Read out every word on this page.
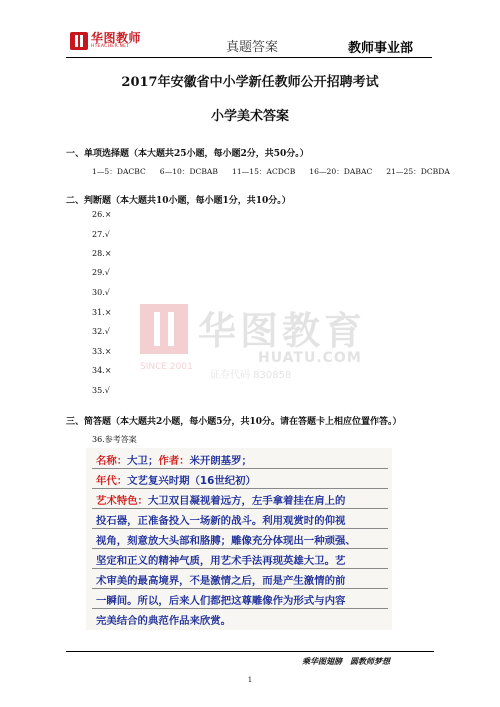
华图教师
HTEACHER.NET	真题答案	教师事业部
2017年安徽省中小学新任教师公开招聘考试
小学美术答案
华图教育
HUATU.COM
SINCE 2001
证券代码 830858
一、单项选择题（本大题共25小题，每小题2分，共50分。）
1—5：DACBC 6—10：DCBAB 11—15：ACDCB 16—20：DABAC 21—25：DCBDA
二、判断题（本大题共10小题，每小题1分，共10分。）
26.×
27.√
28.×
29.√
30.√
31.×
32.√
33.×
34.×
35.√
三、简答题（本大题共2小题，每小题5分，共10分。请在答题卡上相应位置作答。）
36.参考答案
名称：大卫；作者：米开朗基罗；
年代：文艺复兴时期（16世纪初）
艺术特色：大卫双目凝视着远方，左手拿着挂在肩上的
投石器，正准备投入一场新的战斗。利用观赏时的仰视
视角，刻意放大头部和胳膊；雕像充分体现出一种顽强、
坚定和正义的精神气质，用艺术手法再现英雄大卫。艺
术审美的最高境界，不是激情之后，而是产生激情的前
一瞬间。所以，后来人们都把这尊雕像作为形式与内容
完美结合的典范作品来欣赏。
乘华图翅膀　圆教师梦想
1
